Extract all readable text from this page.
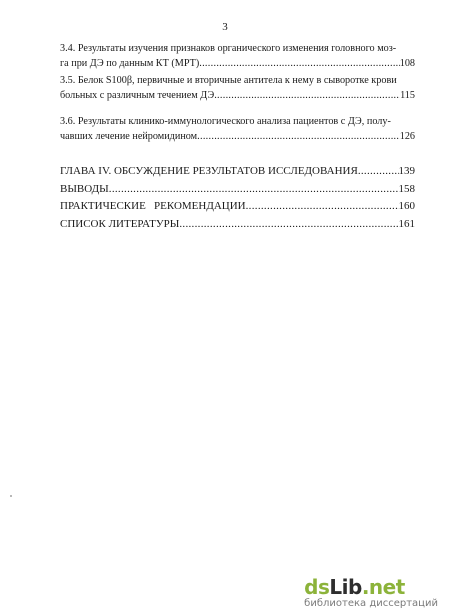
3
3.4. Результаты изучения признаков органического изменения головного моз-
га при ДЭ по данным КТ (МРТ) .....	108
3.5. Белок S100β, первичные и вторичные антитела к нему в сыворотке крови
больных с различным течением ДЭ .....	115
3.6. Результаты клинико-иммунологического анализа пациентов с ДЭ, полу-
чавших лечение нейромидином .....	126
ГЛАВА IV. ОБСУЖДЕНИЕ РЕЗУЛЬТАТОВ ИССЛЕДОВАНИЯ .....	139
ВЫВОДЫ .....	158
ПРАКТИЧЕСКИЕ   РЕКОМЕНДАЦИИ .....	160
СПИСОК ЛИТЕРАТУРЫ .....	161
dsLib.net
библиотека диссертаций
